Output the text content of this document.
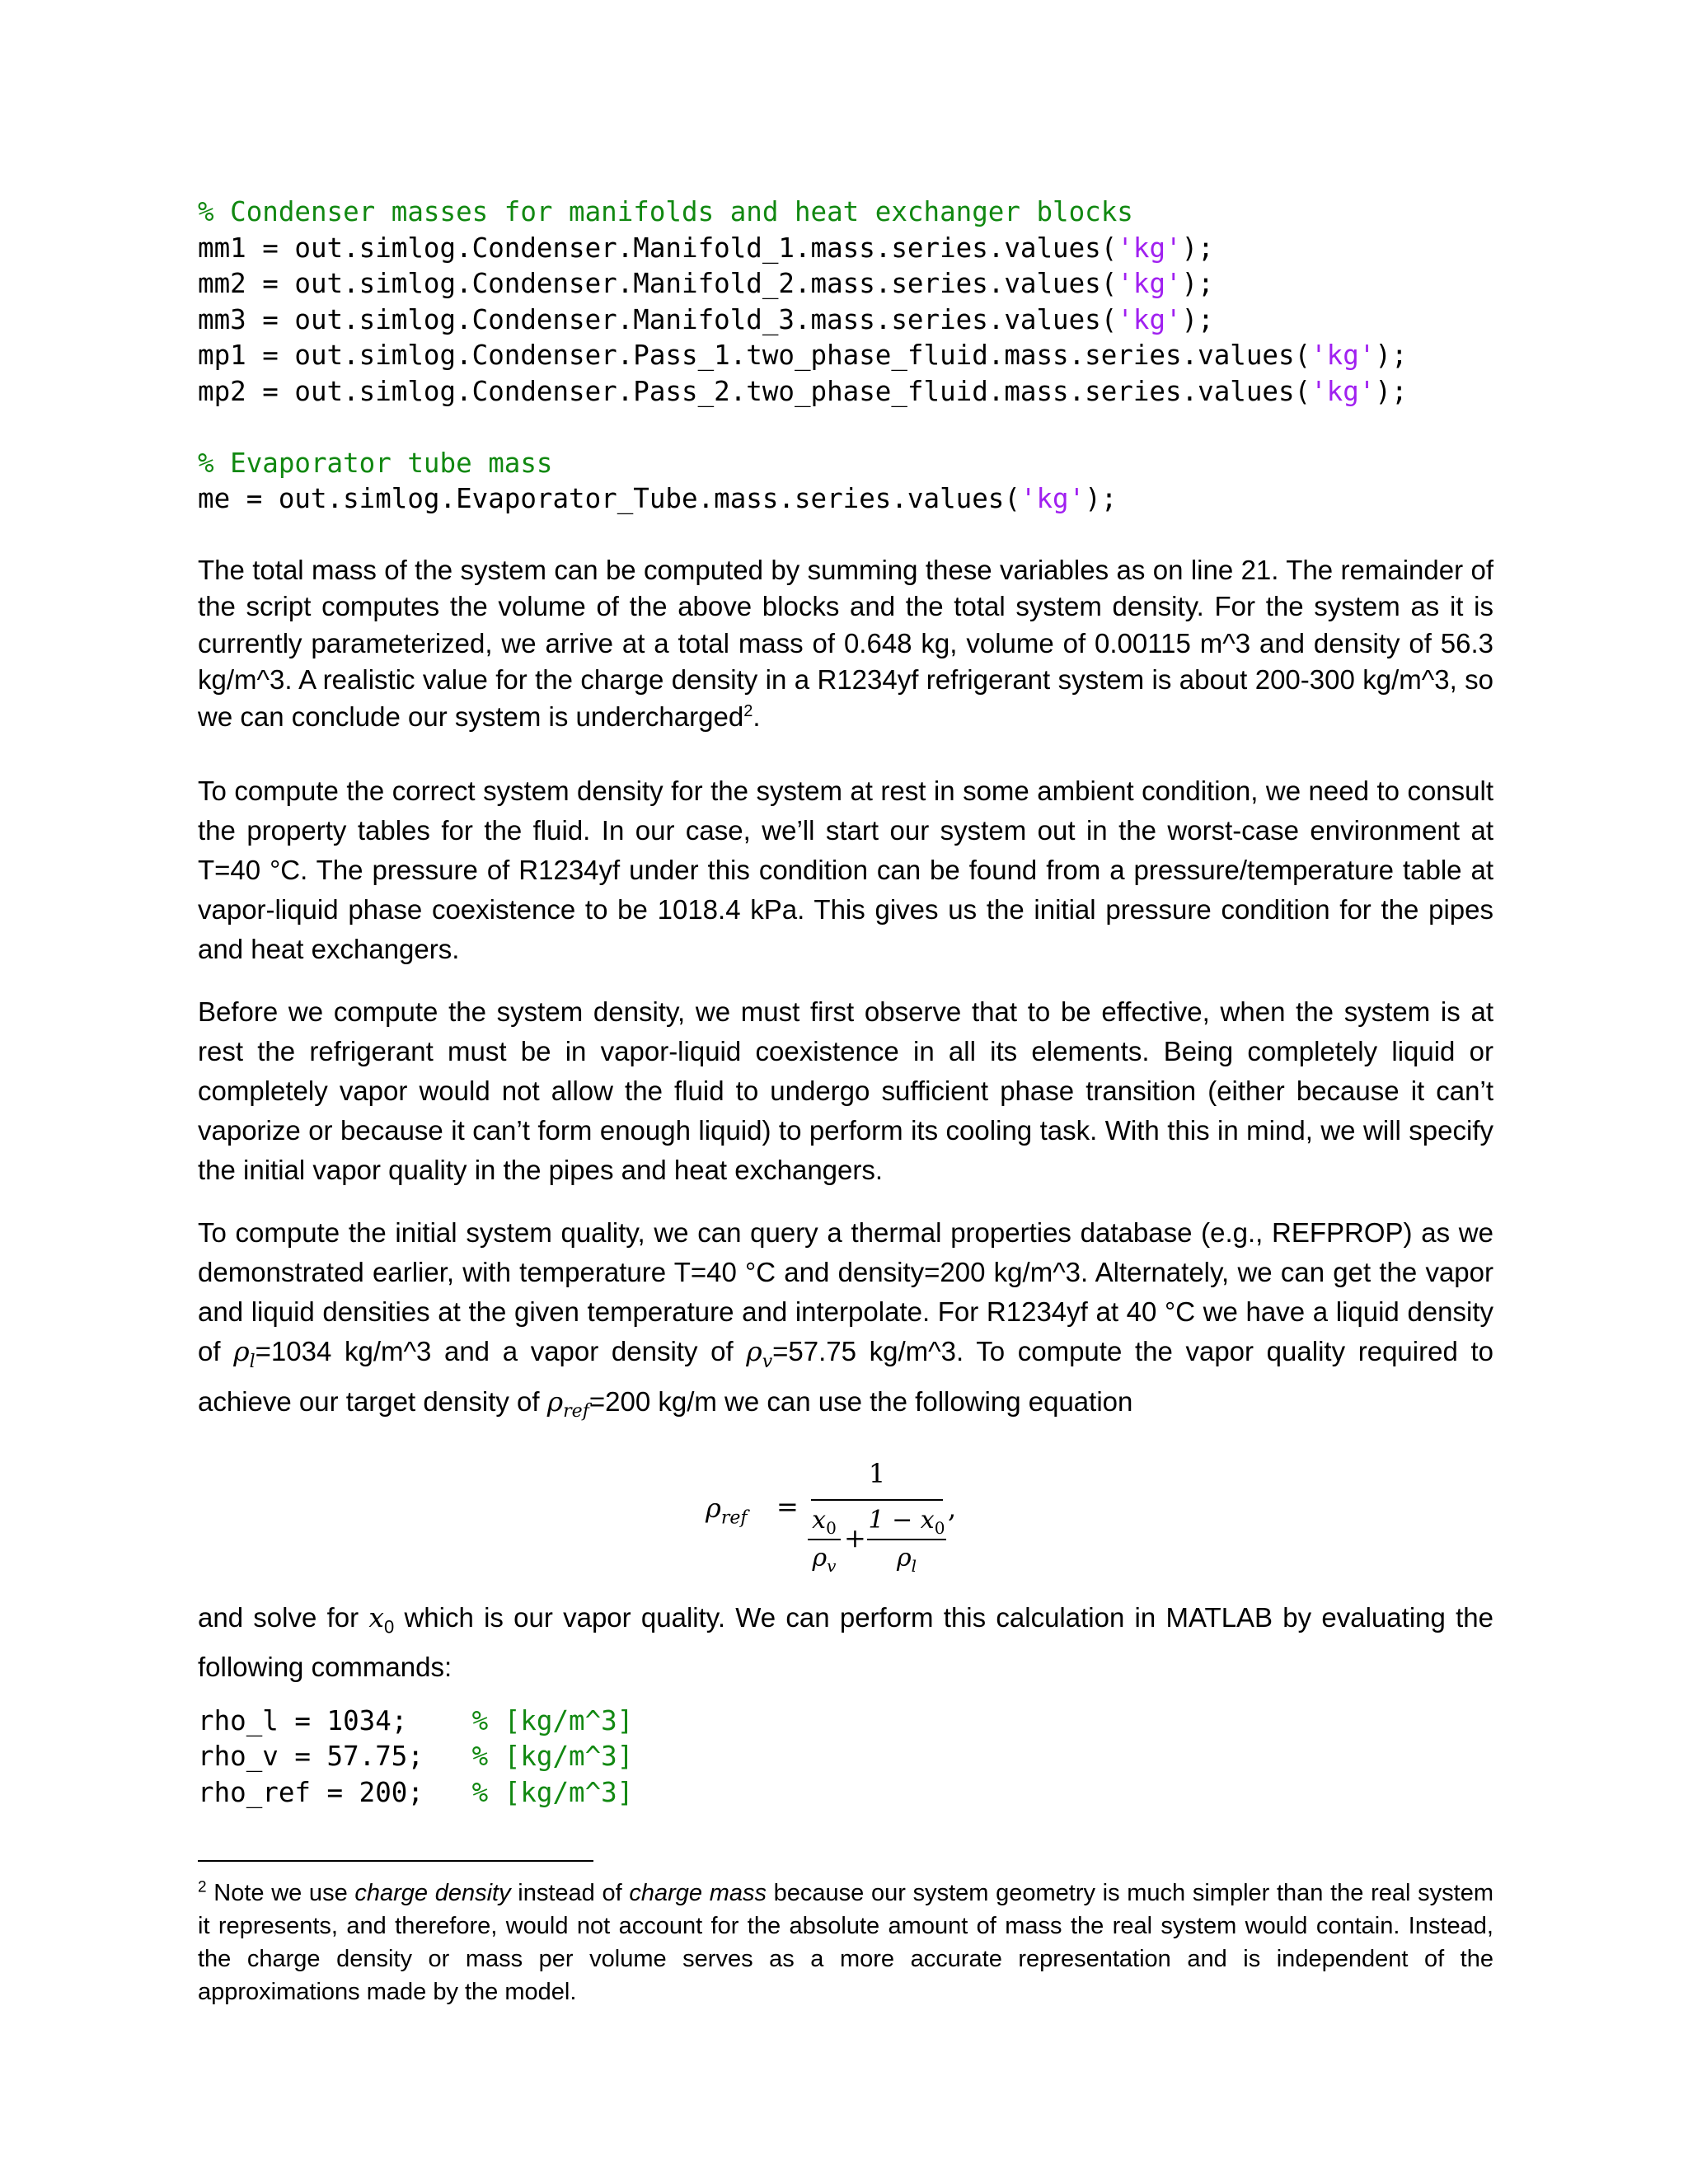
% Condenser masses for manifolds and heat exchanger blocks
mm1 = out.simlog.Condenser.Manifold_1.mass.series.values('kg');
mm2 = out.simlog.Condenser.Manifold_2.mass.series.values('kg');
mm3 = out.simlog.Condenser.Manifold_3.mass.series.values('kg');
mp1 = out.simlog.Condenser.Pass_1.two_phase_fluid.mass.series.values('kg');
mp2 = out.simlog.Condenser.Pass_2.two_phase_fluid.mass.series.values('kg');

% Evaporator tube mass
me = out.simlog.Evaporator_Tube.mass.series.values('kg');

The total mass of the system can be computed by summing these variables as on line 21. The remainder of the script computes the volume of the above blocks and the total system density. For the system as it is currently parameterized, we arrive at a total mass of 0.648 kg, volume of 0.00115 m^3 and density of 56.3 kg/m^3. A realistic value for the charge density in a R1234yf refrigerant system is about 200-300 kg/m^3, so we can conclude our system is undercharged$^2$.

To compute the correct system density for the system at rest in some ambient condition, we need to consult the property tables for the fluid. In our case, we’ll start our system out in the worst-case environment at T=40 °C. The pressure of R1234yf under this condition can be found from a pressure/temperature table at vapor-liquid phase coexistence to be 1018.4 kPa. This gives us the initial pressure condition for the pipes and heat exchangers.

Before we compute the system density, we must first observe that to be effective, when the system is at rest the refrigerant must be in vapor-liquid coexistence in all its elements. Being completely liquid or completely vapor would not allow the fluid to undergo sufficient phase transition (either because it can’t vaporize or because it can’t form enough liquid) to perform its cooling task. With this in mind, we will specify the initial vapor quality in the pipes and heat exchangers.

To compute the initial system quality, we can query a thermal properties database (e.g., REFPROP) as we demonstrated earlier, with temperature T=40 °C and density=200 kg/m^3. Alternately, we can get the vapor and liquid densities at the given temperature and interpolate. For R1234yf at 40 °C we have a liquid density of $\rho_l=1034$ kg/m^3 and a vapor density of $\rho_v=57.75$ kg/m^3. To compute the vapor quality required to achieve our target density of $\rho_{ref}=200$ kg/m we can use the following equation

$\rho_{ref}$ =
1
$x_0$
$\rho_v$
+
$1 - x_0$
$\rho_l$
,

and solve for $x_0$ which is our vapor quality. We can perform this calculation in MATLAB by evaluating the following commands:

rho_l = 1034;    % [kg/m^3]
rho_v = 57.75;   % [kg/m^3]
rho_ref = 200;   % [kg/m^3]

$^2$ Note we use charge density instead of charge mass because our system geometry is much simpler than the real system it represents, and therefore, would not account for the absolute amount of mass the real system would contain. Instead, the charge density or mass per volume serves as a more accurate representation and is independent of the approximations made by the model.
